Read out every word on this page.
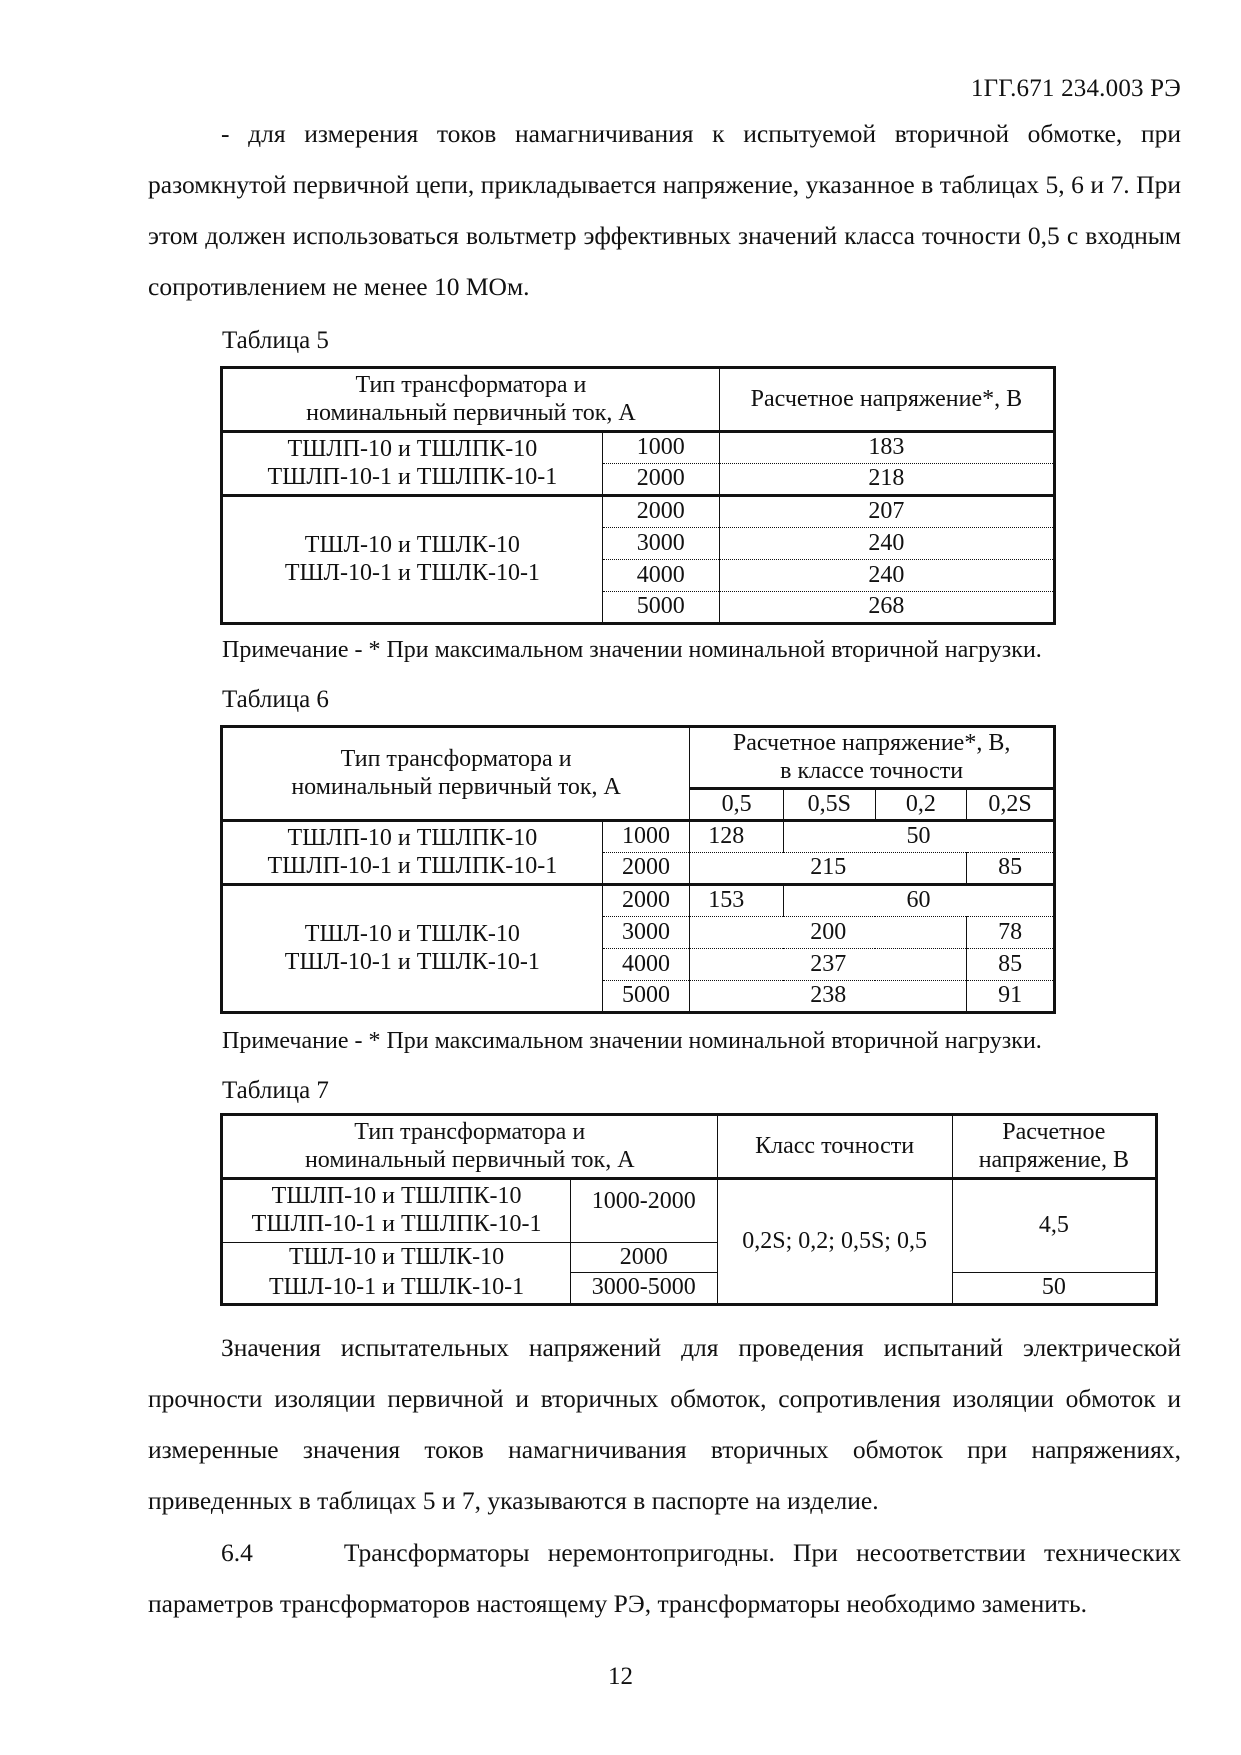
1ГГ.671 234.003 РЭ

- для измерения токов намагничивания к испытуемой вторичной обмотке, при разомкнутой первичной цепи, прикладывается напряжение, указанное в таблицах 5, 6 и 7. При этом должен использоваться вольтметр эффективных значений класса точности 0,5 с входным сопротивлением не менее 10 МОм.

Таблица 5
Тип трансформатора и
номинальный первичный ток, А		Расчетное напряжение*, В

ТШЛП-10 и ТШЛПК-10
ТШЛП-10-1 и ТШЛПК-10-1	1000	183
	2000	218

ТШЛ-10 и ТШЛК-10
ТШЛ-10-1 и ТШЛК-10-1	2000	207
	3000	240
	4000	240
	5000	268
Примечание - * При максимальном значении номинальной вторичной нагрузки.
Таблица 6
Тип трансформатора и
номинальный первичный ток, А

Расчетное напряжение*, В,
в классе точности

		0,5	0,5S	0,2	0,2S

ТШЛП-10 и ТШЛПК-10
ТШЛП-10-1 и ТШЛПК-10-1	1000	128	50		
	2000	215			85

ТШЛ-10 и ТШЛК-10
ТШЛ-10-1 и ТШЛК-10-1	2000	153	60		
	3000	200			78
	4000	237			85
	5000	238			91
Примечание - * При максимальном значении номинальной вторичной нагрузки.
Таблица 7
Тип трансформатора и
номинальный первичный ток, А
	Класс точности	
Расчетное
напряжение, В

ТШЛП-10 и ТШЛПК-10
ТШЛП-10-1 и ТШЛПК-10-1	1000-2000	0,2S; 0,2; 0,5S; 0,5	4,5
ТШЛ-10 и ТШЛК-10	2000		
ТШЛ-10-1 и ТШЛК-10-1	3000-5000		50

Значения испытательных напряжений для проведения испытаний электрической прочности изоляции первичной и вторичных обмоток, сопротивления изоляции обмоток и измеренные значения токов намагничивания вторичных обмоток при напряжениях, приведенных в таблицах 5 и 7, указываются в паспорте на изделие.

6.4     Трансформаторы неремонтопригодны. При несоответствии технических параметров трансформаторов настоящему РЭ, трансформаторы необходимо заменить.

12
